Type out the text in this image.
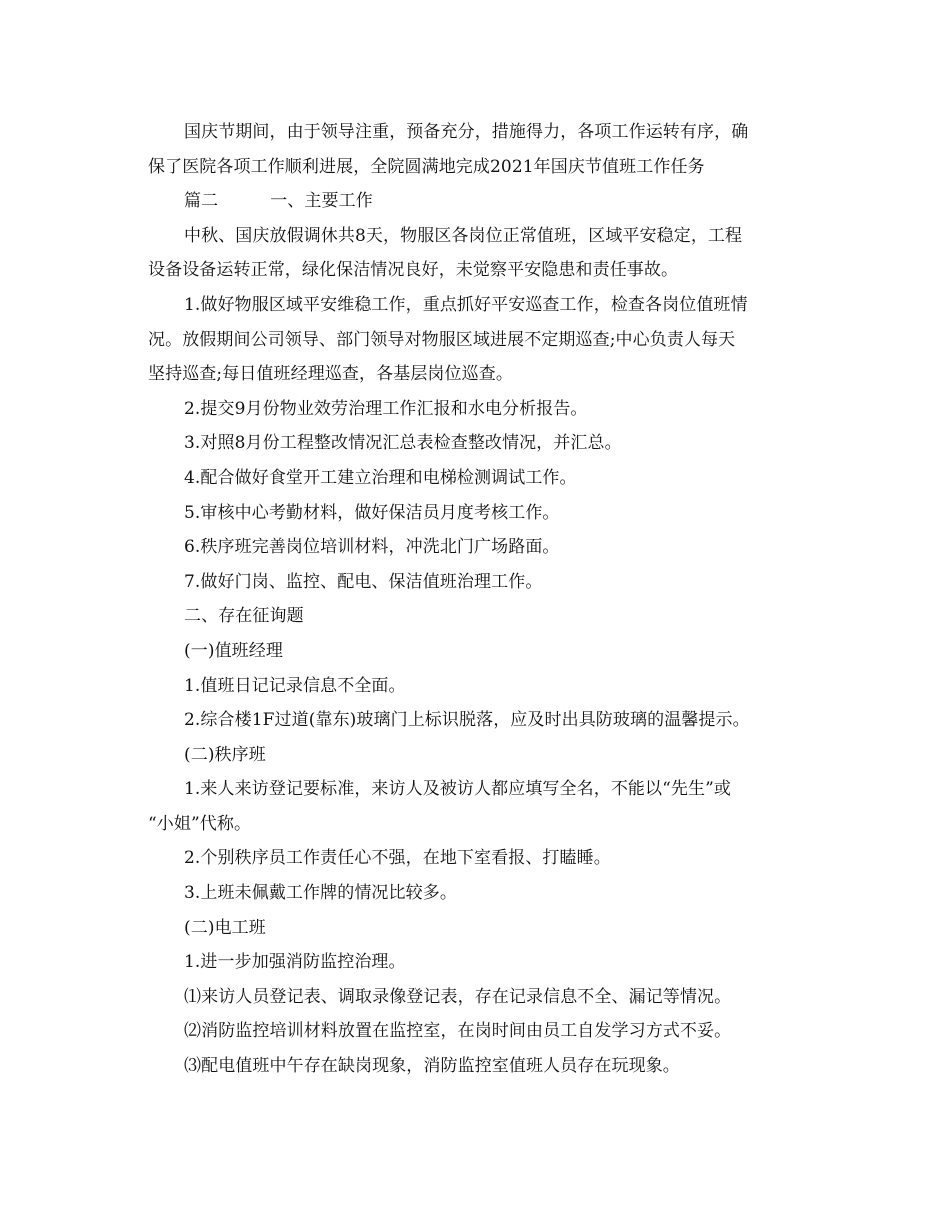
国庆节期间，由于领导注重，预备充分，措施得力，各项工作运转有序，确
保了医院各项工作顺利进展，全院圆满地完成2021年国庆节值班工作任务
篇二	一、主要工作
中秋、国庆放假调休共8天，物服区各岗位正常值班，区域平安稳定，工程
设备设备运转正常，绿化保洁情况良好，未觉察平安隐患和责任事故。
1.做好物服区域平安维稳工作，重点抓好平安巡查工作，检查各岗位值班情
况。放假期间公司领导、部门领导对物服区域进展不定期巡查;中心负责人每天
坚持巡查;每日值班经理巡查，各基层岗位巡查。
2.提交9月份物业效劳治理工作汇报和水电分析报告。
3.对照8月份工程整改情况汇总表检查整改情况，并汇总。
4.配合做好食堂开工建立治理和电梯检测调试工作。
5.审核中心考勤材料，做好保洁员月度考核工作。
6.秩序班完善岗位培训材料，冲洗北门广场路面。
7.做好门岗、监控、配电、保洁值班治理工作。
二、存在征询题
(一)值班经理
1.值班日记记录信息不全面。
2.综合楼1F过道(靠东)玻璃门上标识脱落，应及时出具防玻璃的温馨提示。
(二)秩序班
1.来人来访登记要标准，来访人及被访人都应填写全名，不能以“先生”或
“小姐”代称。
2.个别秩序员工作责任心不强，在地下室看报、打瞌睡。
3.上班未佩戴工作牌的情况比较多。
(二)电工班
1.进一步加强消防监控治理。
⑴来访人员登记表、调取录像登记表，存在记录信息不全、漏记等情况。
⑵消防监控培训材料放置在监控室，在岗时间由员工自发学习方式不妥。
⑶配电值班中午存在缺岗现象，消防监控室值班人员存在玩现象。
